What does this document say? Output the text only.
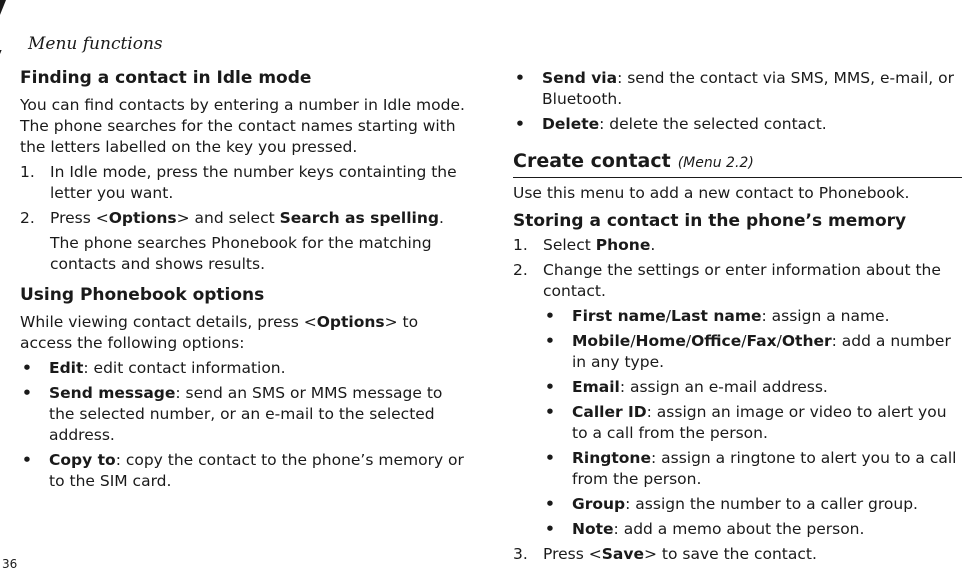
Menu functions
36
Finding a contact in Idle mode

You can find contacts by entering a number in Idle mode. The phone searches for the contact names starting with the letters labelled on the key you pressed.

1. In Idle mode, press the number keys containting the letter you want.
2. Press <Options> and select Search as spelling.

The phone searches Phonebook for the matching contacts and shows results.

Using Phonebook options

While viewing contact details, press <Options> to access the following options:

• Edit: edit contact information.
• Send message: send an SMS or MMS message to the selected number, or an e-mail to the selected address.
• Copy to: copy the contact to the phone’s memory or to the SIM card.
• Send via: send the contact via SMS, MMS, e-mail, or Bluetooth.
• Delete: delete the selected contact.
Create contact (Menu 2.2)

Use this menu to add a new contact to Phonebook.

Storing a contact in the phone’s memory
1. Select Phone.
2. Change the settings or enter information about the contact.
• First name/Last name: assign a name.
• Mobile/Home/Office/Fax/Other: add a number in any type.
• Email: assign an e-mail address.
• Caller ID: assign an image or video to alert you to a call from the person.
• Ringtone: assign a ringtone to alert you to a call from the person.
• Group: assign the number to a caller group.
• Note: add a memo about the person.
3. Press <Save> to save the contact.
